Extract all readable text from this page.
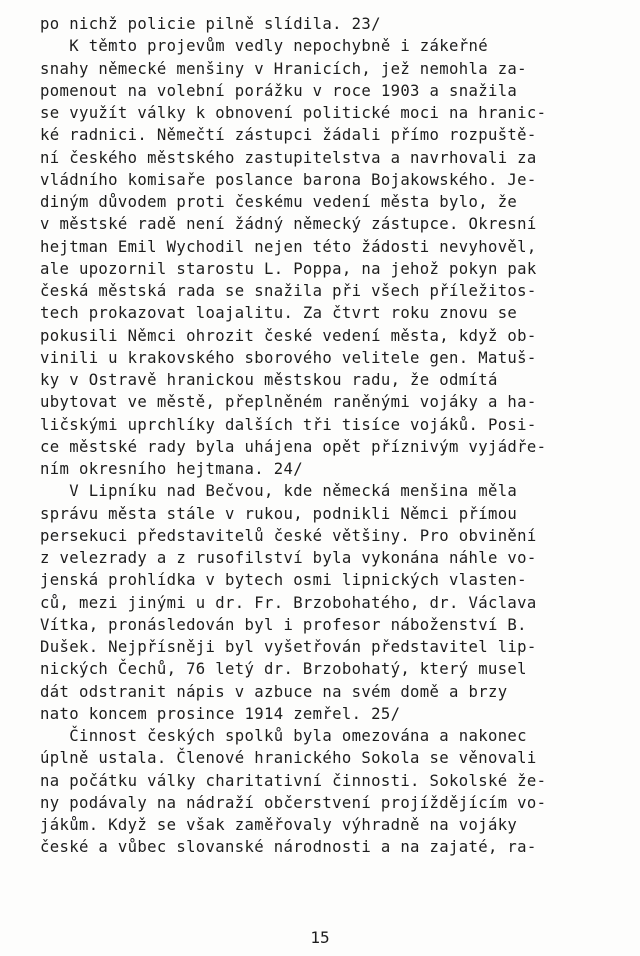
po nichž policie pilně slídila. 23/
K těmto projevům vedly nepochybně i zákeřné
snahy německé menšiny v Hranicích, jež nemohla za-
pomenout na volební porážku v roce 1903 a snažila
se využít války k obnovení politické moci na hranic-
ké radnici. Němečtí zástupci žádali přímo rozpuště-
ní českého městského zastupitelstva a navrhovali za
vládního komisaře poslance barona Bojakowského. Je-
diným důvodem proti českému vedení města bylo, že
v městské radě není žádný německý zástupce. Okresní
hejtman Emil Wychodil nejen této žádosti nevyhověl,
ale upozornil starostu L. Poppa, na jehož pokyn pak
česká městská rada se snažila při všech příležitos-
tech prokazovat loajalitu. Za čtvrt roku znovu se
pokusili Němci ohrozit české vedení města, když ob-
vinili u krakovského sborového velitele gen. Matuš-
ky v Ostravě hranickou městskou radu, že odmítá
ubytovat ve městě, přeplněném raněnými vojáky a ha-
ličskými uprchlíky dalších tři tisíce vojáků. Posi-
ce městské rady byla uhájena opět příznivým vyjádře-
ním okresního hejtmana. 24/
V Lipníku nad Bečvou, kde německá menšina měla
správu města stále v rukou, podnikli Němci přímou
persekuci představitelů české většiny. Pro obvinění
z velezrady a z rusofilství byla vykonána náhle vo-
jenská prohlídka v bytech osmi lipnických vlasten-
ců, mezi jinými u dr. Fr. Brzobohatého, dr. Václava
Vítka, pronásledován byl i profesor náboženství B.
Dušek. Nejpřísněji byl vyšetřován představitel lip-
nických Čechů, 76 letý dr. Brzobohatý, který musel
dát odstranit nápis v azbuce na svém domě a brzy
nato koncem prosince 1914 zemřel. 25/
Činnost českých spolků byla omezována a nakonec
úplně ustala. Členové hranického Sokola se věnovali
na počátku války charitativní činnosti. Sokolské že-
ny podávaly na nádraží občerstvení projíždějícím vo-
jákům. Když se však zaměřovaly výhradně na vojáky
české a vůbec slovanské národnosti a na zajaté, ra-
15
